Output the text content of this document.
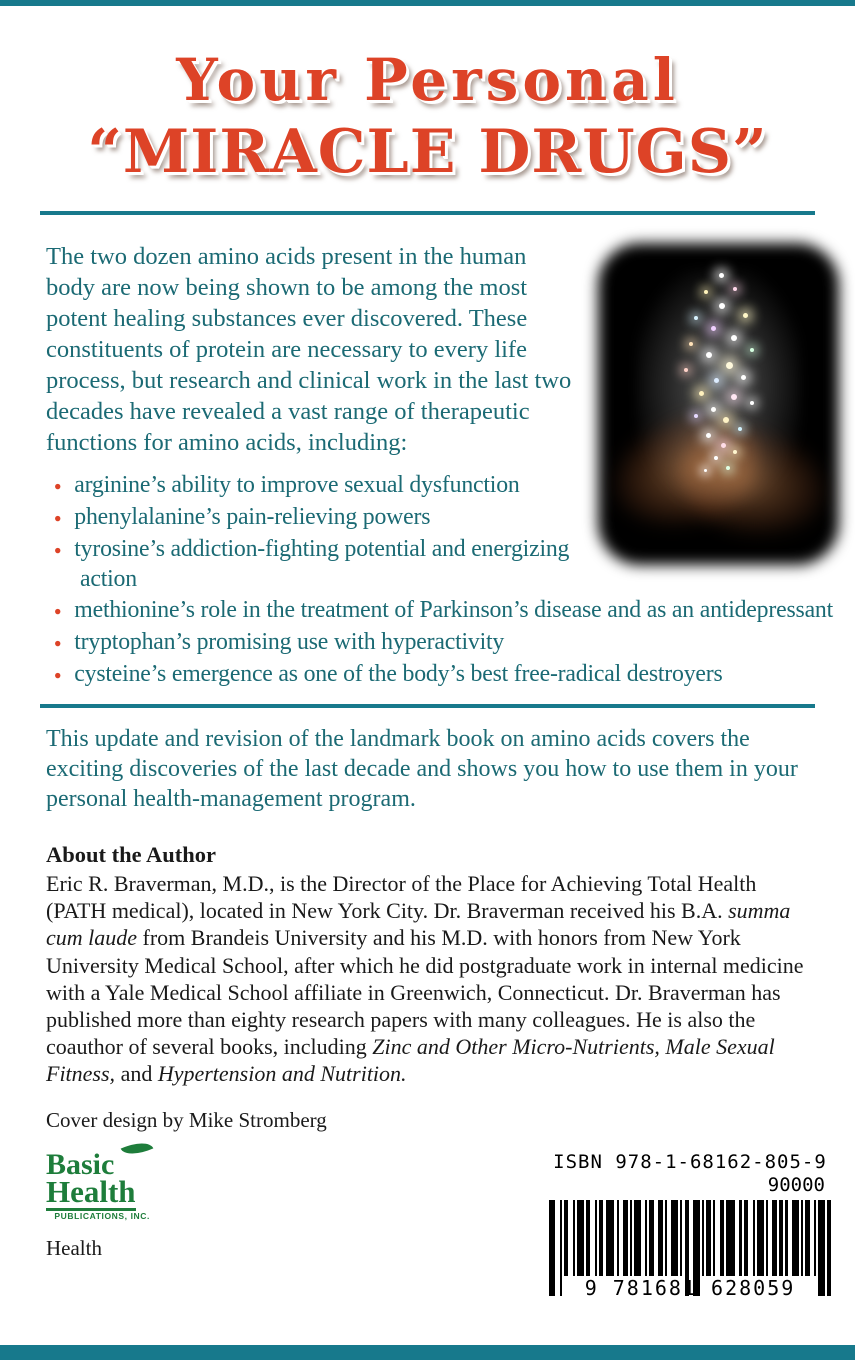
Your Personal
“MIRACLE DRUGS”

The two dozen amino acids present in the human body are now being shown to be among the most potent healing substances ever discovered. These constituents of protein are necessary to every life process, but research and clinical work in the last two decades have revealed a vast range of therapeutic functions for amino acids, including:

● arginine’s ability to improve sexual dysfunction
● phenylalanine’s pain-relieving powers
● tyrosine’s addiction-fighting potential and energizing action
● methionine’s role in the treatment of Parkinson’s disease and as an antidepressant
● tryptophan’s promising use with hyperactivity
● cysteine’s emergence as one of the body’s best free-radical destroyers

This update and revision of the landmark book on amino acids covers the exciting discoveries of the last decade and shows you how to use them in your personal health-management program.

About the Author

Eric R. Braverman, M.D., is the Director of the Place for Achieving Total Health (PATH medical), located in New York City. Dr. Braverman received his B.A. summa cum laude from Brandeis University and his M.D. with honors from New York University Medical School, after which he did postgraduate work in internal medicine with a Yale Medical School affiliate in Greenwich, Connecticut. Dr. Braverman has published more than eighty research papers with many colleagues. He is also the coauthor of several books, including Zinc and Other Micro-Nutrients, Male Sexual Fitness, and Hypertension and Nutrition.

Cover design by Mike Stromberg

Basic
Health
PUBLICATIONS, INC.
Health
ISBN 978-1-68162-805-9
90000
9 781681 628059
